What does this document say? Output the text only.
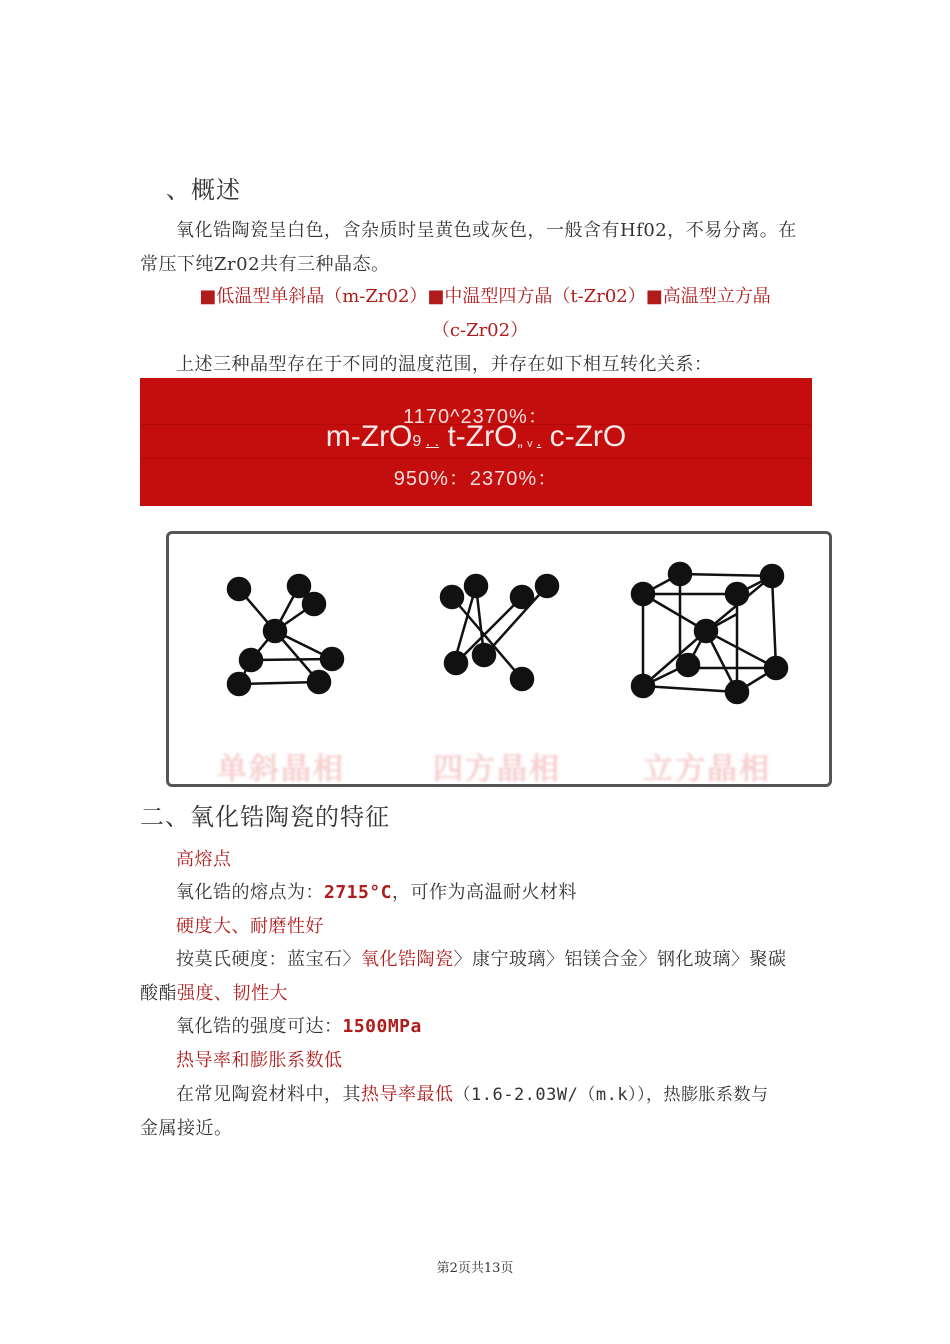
、概述
氧化锆陶瓷呈白色，含杂质时呈黄色或灰色，一般含有Hf02，不易分离。在
常压下纯Zr02共有三种晶态。
■低温型单斜晶（m-Zr02）■中温型四方晶（t-Zr02）■高温型立方晶
（c-Zr02）
上述三种晶型存在于不同的温度范围，并存在如下相互转化关系：
1170^2370%：
m-ZrO9 . . t-ZrO„ ᵥ . c-ZrO
950%：2370%：
单斜晶相	四方晶相	立方晶相
二、氧化锆陶瓷的特征
高熔点
氧化锆的熔点为：2715°C，可作为高温耐火材料
硬度大、耐磨性好
按莫氏硬度：蓝宝石〉氧化锆陶瓷〉康宁玻璃〉铝镁合金〉钢化玻璃〉聚碳
酸酯强度、韧性大
氧化锆的强度可达：1500MPa
热导率和膨胀系数低
在常见陶瓷材料中，其热导率最低（1.6-2.03W/（m.k）），热膨胀系数与
金属接近。
第2页共13页
